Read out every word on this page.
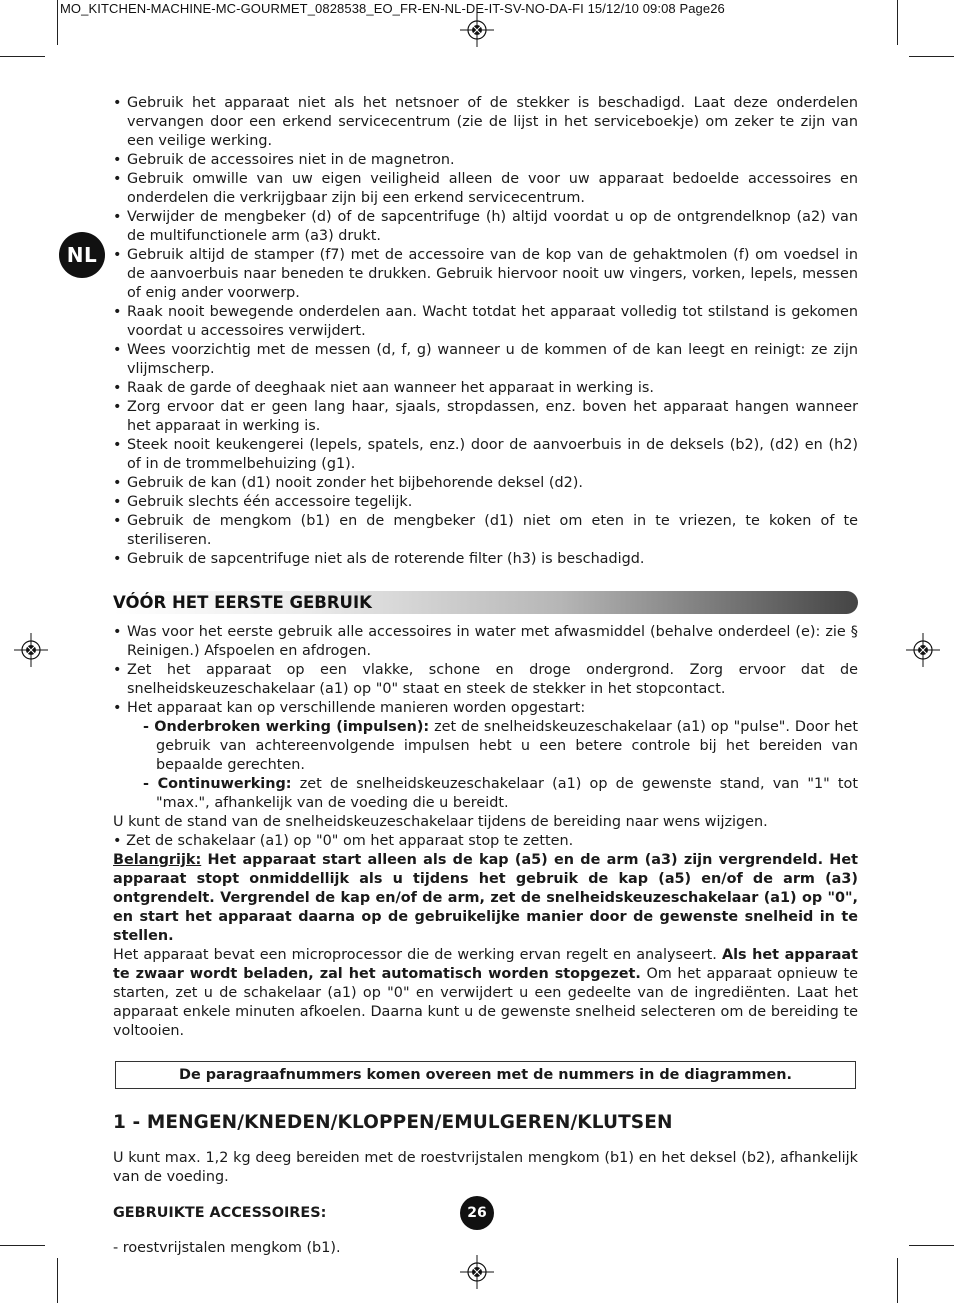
MO_KITCHEN-MACHINE-MC-GOURMET_0828538_EO_FR-EN-NL-DE-IT-SV-NO-DA-FI 15/12/10 09:08 Page26
NL
• Gebruik het apparaat niet als het netsnoer of de stekker is beschadigd. Laat deze onderdelen vervangen door een erkend servicecentrum (zie de lijst in het serviceboekje) om zeker te zijn van een veilige werking.
• Gebruik de accessoires niet in de magnetron.
• Gebruik omwille van uw eigen veiligheid alleen de voor uw apparaat bedoelde accessoires en onderdelen die verkrijgbaar zijn bij een erkend servicecentrum.
• Verwijder de mengbeker (d) of de sapcentrifuge (h) altijd voordat u op de ontgrendelknop (a2) van de multifunctionele arm (a3) drukt.
• Gebruik altijd de stamper (f7) met de accessoire van de kop van de gehaktmolen (f) om voedsel in de aanvoerbuis naar beneden te drukken. Gebruik hiervoor nooit uw vingers, vorken, lepels, messen of enig ander voorwerp.
• Raak nooit bewegende onderdelen aan. Wacht totdat het apparaat volledig tot stilstand is gekomen voordat u accessoires verwijdert.
• Wees voorzichtig met de messen (d, f, g) wanneer u de kommen of de kan leegt en reinigt: ze zijn vlijmscherp.
• Raak de garde of deeghaak niet aan wanneer het apparaat in werking is.
• Zorg ervoor dat er geen lang haar, sjaals, stropdassen, enz. boven het apparaat hangen wanneer het apparaat in werking is.
• Steek nooit keukengerei (lepels, spatels, enz.) door de aanvoerbuis in de deksels (b2), (d2) en (h2) of in de trommelbehuizing (g1).
• Gebruik de kan (d1) nooit zonder het bijbehorende deksel (d2).
• Gebruik slechts één accessoire tegelijk.
• Gebruik de mengkom (b1) en de mengbeker (d1) niet om eten in te vriezen, te koken of te steriliseren.
• Gebruik de sapcentrifuge niet als de roterende filter (h3) is beschadigd.
VÓÓR HET EERSTE GEBRUIK
• Was voor het eerste gebruik alle accessoires in water met afwasmiddel (behalve onderdeel (e): zie § Reinigen.) Afspoelen en afdrogen.
• Zet het apparaat op een vlakke, schone en droge ondergrond. Zorg ervoor dat de snelheidskeuzeschakelaar (a1) op "0" staat en steek de stekker in het stopcontact.
• Het apparaat kan op verschillende manieren worden opgestart:

- Onderbroken werking (impulsen): zet de snelheidskeuzeschakelaar (a1) op "pulse". Door het gebruik van achtereenvolgende impulsen hebt u een betere controle bij het bereiden van bepaalde gerechten.

- Continuwerking: zet de snelheidskeuzeschakelaar (a1) op de gewenste stand, van "1" tot "max.", afhankelijk van de voeding die u bereidt.

U kunt de stand van de snelheidskeuzeschakelaar tijdens de bereiding naar wens wijzigen.

• Zet de schakelaar (a1) op "0" om het apparaat stop te zetten.

Belangrijk: Het apparaat start alleen als de kap (a5) en de arm (a3) zijn vergrendeld. Het apparaat stopt onmiddellijk als u tijdens het gebruik de kap (a5) en/of de arm (a3) ontgrendelt. Vergrendel de kap en/of de arm, zet de snelheidskeuzeschakelaar (a1) op "0", en start het apparaat daarna op de gebruikelijke manier door de gewenste snelheid in te stellen.

Het apparaat bevat een microprocessor die de werking ervan regelt en analyseert. Als het apparaat te zwaar wordt beladen, zal het automatisch worden stopgezet. Om het apparaat opnieuw te starten, zet u de schakelaar (a1) op "0" en verwijdert u een gedeelte van de ingrediënten. Laat het apparaat enkele minuten afkoelen. Daarna kunt u de gewenste snelheid selecteren om de bereiding te voltooien.

De paragraafnummers komen overeen met de nummers in de diagrammen.
1 - MENGEN/KNEDEN/KLOPPEN/EMULGEREN/KLUTSEN

U kunt max. 1,2 kg deeg bereiden met de roestvrijstalen mengkom (b1) en het deksel (b2), afhankelijk van de voeding.

GEBRUIKTE ACCESSOIRES:

- roestvrijstalen mengkom (b1).

26
